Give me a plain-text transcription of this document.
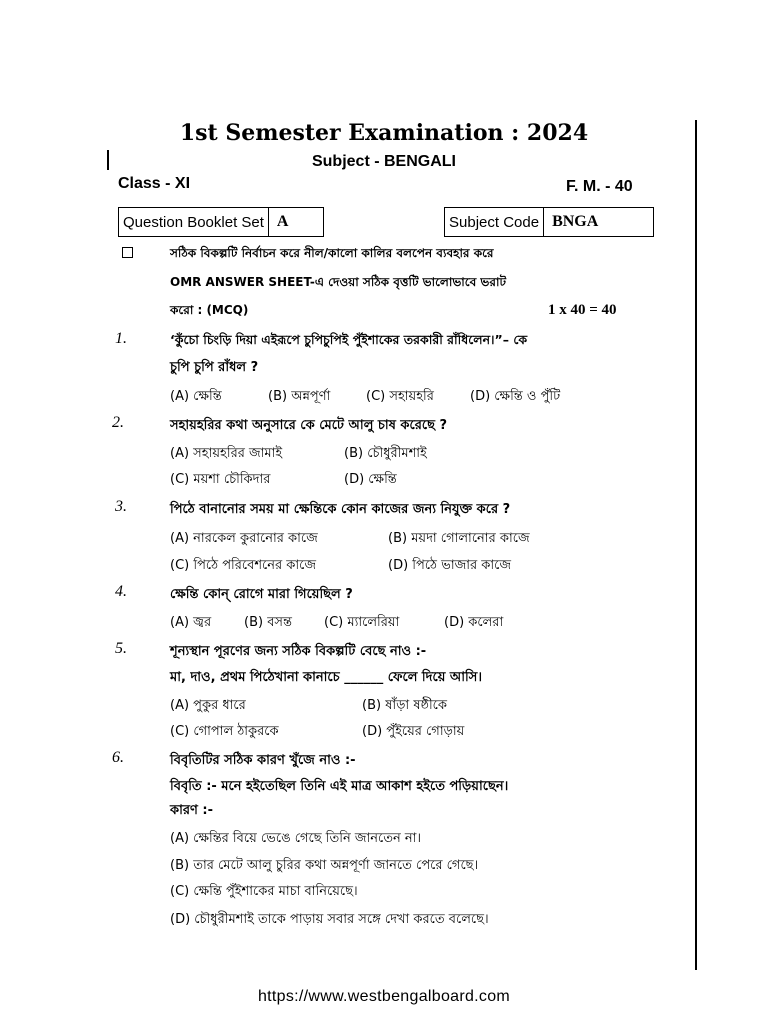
1st Semester Examination : 2024
Subject - BENGALI
Class - XI	F. M. - 40
Question Booklet Set A	Subject Code BNGA
সঠিক বিকল্পটি নির্বাচন করে নীল/কালো কালির বলপেন ব্যবহার করে
OMR ANSWER SHEET-এ দেওয়া সঠিক বৃত্তটি ভালোভাবে ভরাট
করো : (MCQ)	1 x 40 = 40
1.	‘কুঁচো চিংড়ি দিয়া এইরূপে চুপিচুপিই পুঁইশাকের তরকারী রাঁধিলেন।”– কে
চুপি চুপি রাঁধল ?
(A) ক্ষেন্তি	(B) অন্নপূর্ণা	(C) সহায়হরি	(D) ক্ষেন্তি ও পুঁটি
2.	সহায়হরির কথা অনুসারে কে মেটে আলু চাষ করেছে ?
(A) সহায়হরির জামাই	(B) চৌধুরীমশাই
(C) ময়শা চৌকিদার	(D) ক্ষেন্তি
3.	পিঠে বানানোর সময় মা ক্ষেন্তিকে কোন কাজের জন্য নিযুক্ত করে ?
(A) নারকেল কুরানোর কাজে	(B) ময়দা গোলানোর কাজে
(C) পিঠে পরিবেশনের কাজে	(D) পিঠে ভাজার কাজে
4.	ক্ষেন্তি কোন্ রোগে মারা গিয়েছিল ?
(A) জ্বর	(B) বসন্ত (C) ম্যালেরিয়া	(D) কলেরা
5.	শূন্যস্থান পূরণের জন্য সঠিক বিকল্পটি বেছে নাও :-
মা, দাও, প্রথম পিঠেখানা কানাচে ______ ফেলে দিয়ে আসি।
(A) পুকুর ধারে	(B) ষাঁড়া ষষ্ঠীকে
(C) গোপাল ঠাকুরকে	(D) পুঁইয়ের গোড়ায়
6.	বিবৃতিটির সঠিক কারণ খুঁজে নাও :-
বিবৃতি :- মনে হইতেছিল তিনি এই মাত্র আকাশ হইতে পড়িয়াছেন।
কারণ :-
(A) ক্ষেন্তির বিয়ে ভেঙে গেছে তিনি জানতেন না।
(B) তার মেটে আলু চুরির কথা অন্নপূর্ণা জানতে পেরে গেছে।
(C) ক্ষেন্তি পুঁইশাকের মাচা বানিয়েছে।
(D) চৌধুরীমশাই তাকে পাড়ায় সবার সঙ্গে দেখা করতে বলেছে।
https://www.westbengalboard.com
